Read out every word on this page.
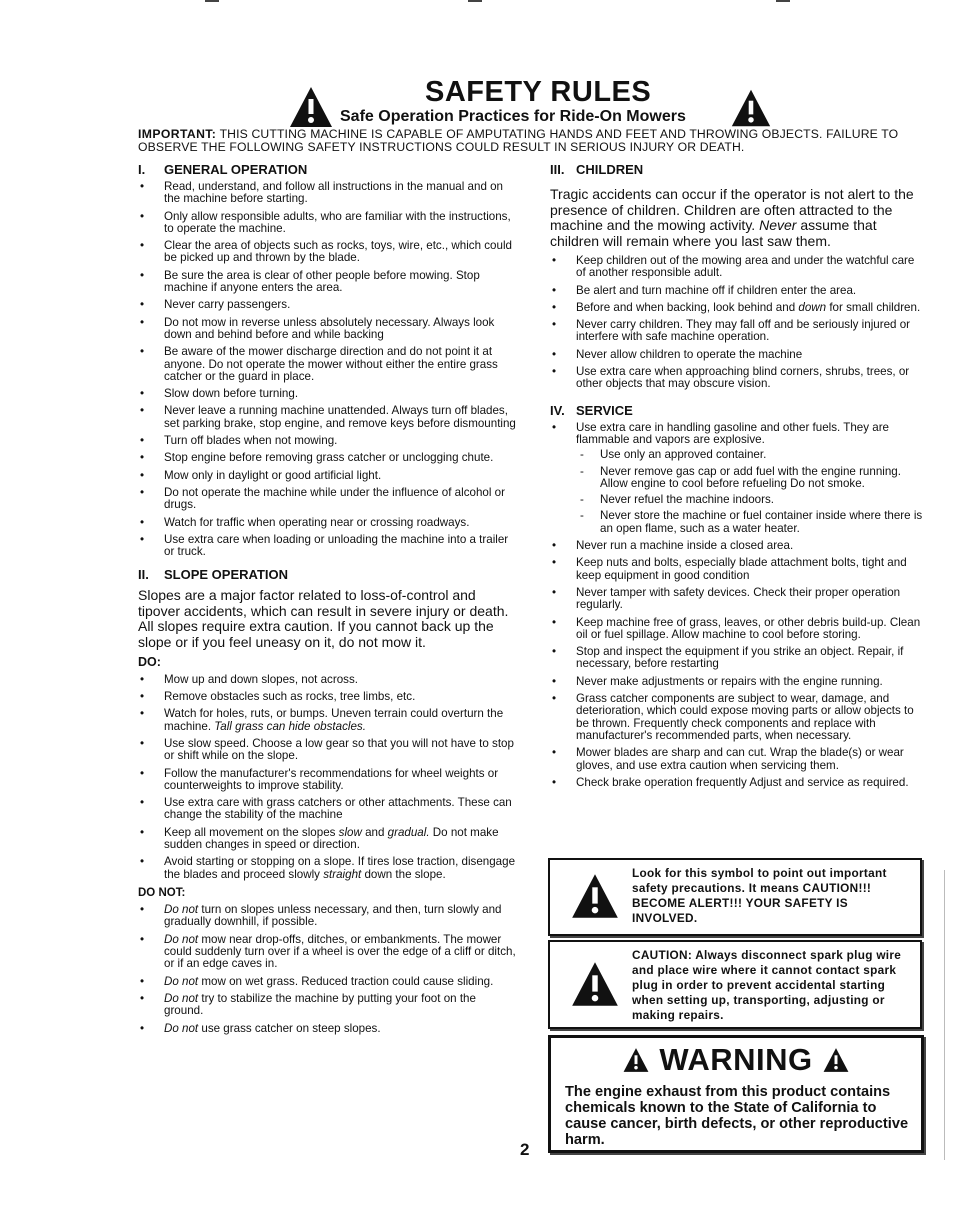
SAFETY RULES
Safe Operation Practices for Ride-On Mowers
IMPORTANT: THIS CUTTING MACHINE IS CAPABLE OF AMPUTATING HANDS AND FEET AND THROWING OBJECTS. FAILURE TO OBSERVE THE FOLLOWING SAFETY INSTRUCTIONS COULD RESULT IN SERIOUS INJURY OR DEATH.
I. GENERAL OPERATION
• Read, understand, and follow all instructions in the manual and on the machine before starting.
• Only allow responsible adults, who are familiar with the instructions, to operate the machine.
• Clear the area of objects such as rocks, toys, wire, etc., which could be picked up and thrown by the blade.
• Be sure the area is clear of other people before mowing. Stop machine if anyone enters the area.
• Never carry passengers.
• Do not mow in reverse unless absolutely necessary. Always look down and behind before and while backing
• Be aware of the mower discharge direction and do not point it at anyone. Do not operate the mower without either the entire grass catcher or the guard in place.
• Slow down before turning.
• Never leave a running machine unattended. Always turn off blades, set parking brake, stop engine, and remove keys before dismounting
• Turn off blades when not mowing.
• Stop engine before removing grass catcher or unclogging chute.
• Mow only in daylight or good artificial light.
• Do not operate the machine while under the influence of alcohol or drugs.
• Watch for traffic when operating near or crossing roadways.
• Use extra care when loading or unloading the machine into a trailer or truck.
II. SLOPE OPERATION

Slopes are a major factor related to loss-of-control and tipover accidents, which can result in severe injury or death. All slopes require extra caution. If you cannot back up the slope or if you feel uneasy on it, do not mow it.

DO:
• Mow up and down slopes, not across.
• Remove obstacles such as rocks, tree limbs, etc.
• Watch for holes, ruts, or bumps. Uneven terrain could overturn the machine. Tall grass can hide obstacles.
• Use slow speed. Choose a low gear so that you will not have to stop or shift while on the slope.
• Follow the manufacturer's recommendations for wheel weights or counterweights to improve stability.
• Use extra care with grass catchers or other attachments. These can change the stability of the machine
• Keep all movement on the slopes slow and gradual. Do not make sudden changes in speed or direction.
• Avoid starting or stopping on a slope. If tires lose traction, disengage the blades and proceed slowly straight down the slope.
DO NOT:
• Do not turn on slopes unless necessary, and then, turn slowly and gradually downhill, if possible.
• Do not mow near drop-offs, ditches, or embankments. The mower could suddenly turn over if a wheel is over the edge of a cliff or ditch, or if an edge caves in.
• Do not mow on wet grass. Reduced traction could cause sliding.
• Do not try to stabilize the machine by putting your foot on the ground.
• Do not use grass catcher on steep slopes.
III. CHILDREN

Tragic accidents can occur if the operator is not alert to the presence of children. Children are often attracted to the machine and the mowing activity. Never assume that children will remain where you last saw them.

• Keep children out of the mowing area and under the watchful care of another responsible adult.
• Be alert and turn machine off if children enter the area.
• Before and when backing, look behind and down for small children.
• Never carry children. They may fall off and be seriously injured or interfere with safe machine operation.
• Never allow children to operate the machine
• Use extra care when approaching blind corners, shrubs, trees, or other objects that may obscure vision.
IV. SERVICE
• Use extra care in handling gasoline and other fuels. They are flammable and vapors are explosive.
- Use only an approved container.
- Never remove gas cap or add fuel with the engine running. Allow engine to cool before refueling Do not smoke.
- Never refuel the machine indoors.
- Never store the machine or fuel container inside where there is an open flame, such as a water heater.
• Never run a machine inside a closed area.
• Keep nuts and bolts, especially blade attachment bolts, tight and keep equipment in good condition
• Never tamper with safety devices. Check their proper operation regularly.
• Keep machine free of grass, leaves, or other debris build-up. Clean oil or fuel spillage. Allow machine to cool before storing.
• Stop and inspect the equipment if you strike an object. Repair, if necessary, before restarting
• Never make adjustments or repairs with the engine running.
• Grass catcher components are subject to wear, damage, and deterioration, which could expose moving parts or allow objects to be thrown. Frequently check components and replace with manufacturer's recommended parts, when necessary.
• Mower blades are sharp and can cut. Wrap the blade(s) or wear gloves, and use extra caution when servicing them.
• Check brake operation frequently Adjust and service as required.
Look for this symbol to point out important safety precautions. It means CAUTION!!! BECOME ALERT!!! YOUR SAFETY IS INVOLVED.
CAUTION: Always disconnect spark plug wire and place wire where it cannot contact spark plug in order to prevent accidental starting when setting up, transporting, adjusting or making repairs.
WARNING
The engine exhaust from this product contains chemicals known to the State of California to cause cancer, birth defects, or other reproductive harm.
2
